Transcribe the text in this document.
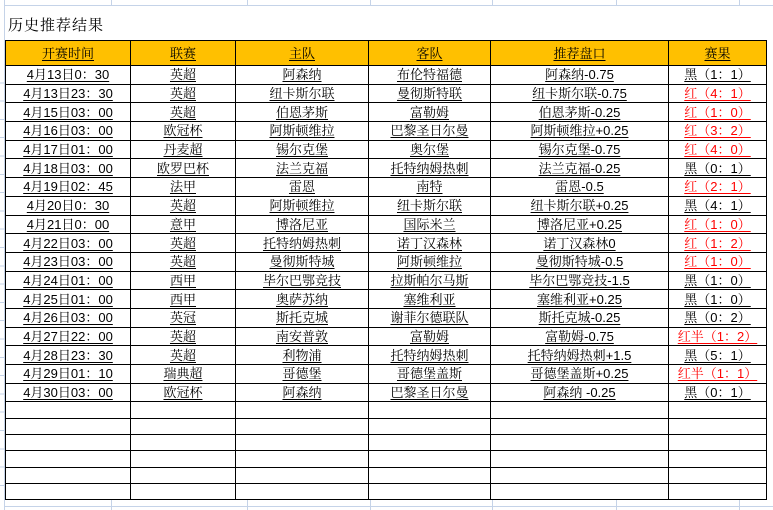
历史推荐结果
开赛时间	联赛	主队	客队	推荐盘口	赛果
4月13日0：30	英超	阿森纳	布伦特福德	阿森纳-0.75	黑（1：1）
4月13日23：30	英超	纽卡斯尔联	曼彻斯特联	纽卡斯尔联-0.75	红（4：1）
4月15日03：00	英超	伯恩茅斯	富勒姆	伯恩茅斯-0.25	红（1：0）
4月16日03：00	欧冠杯	阿斯顿维拉	巴黎圣日尔曼	阿斯顿维拉+0.25	红（3：2）
4月17日01：00	丹麦超	锡尔克堡	奥尔堡	锡尔克堡-0.75	红（4：0）
4月18日03：00	欧罗巴杯	法兰克福	托特纳姆热刺	法兰克福-0.25	黑（0：1）
4月19日02：45	法甲	雷恩	南特	雷恩-0.5	红（2：1）
4月20日0：30	英超	阿斯顿维拉	纽卡斯尔联	纽卡斯尔联+0.25	黑（4：1）
4月21日0：00	意甲	博洛尼亚	国际米兰	博洛尼亚+0.25	红（1：0）
4月22日03：00	英超	托特纳姆热刺	诺丁汉森林	诺丁汉森林0	红（1：2）
4月23日03：00	英超	曼彻斯特城	阿斯顿维拉	曼彻斯特城-0.5	红（1：0）
4月24日01：00	西甲	毕尔巴鄂竞技	拉斯帕尔马斯	毕尔巴鄂竞技-1.5	黑（1：0）
4月25日01：00	西甲	奥萨苏纳	塞维利亚	塞维利亚+0.25	黑（1：0）
4月26日03：00	英冠	斯托克城	谢菲尔德联队	斯托克城-0.25	黑（0：2）
4月27日22：00	英超	南安普敦	富勒姆	富勒姆-0.75	红半（1：2）
4月28日23：30	英超	利物浦	托特纳姆热刺	托特纳姆热刺+1.5	黑（5：1）
4月29日01：10	瑞典超	哥德堡	哥德堡盖斯	哥德堡盖斯+0.25	红半（1：1）
4月30日03：00	欧冠杯	阿森纳	巴黎圣日尔曼	阿森纳 -0.25	黑（0：1）
